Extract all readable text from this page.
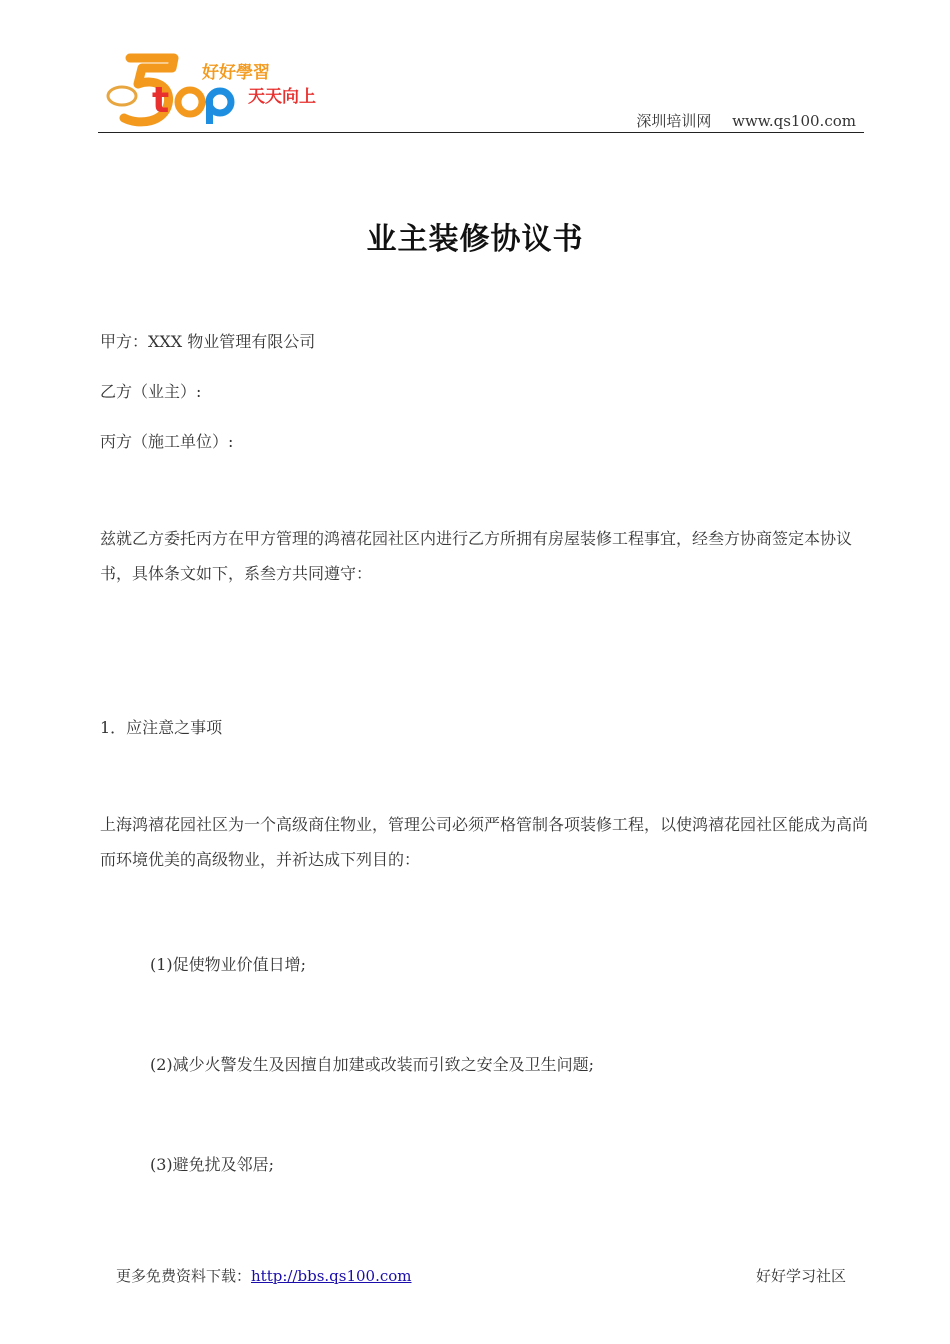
t
好好學習
天天向上
深圳培训网 www.qs100.com
业主装修协议书
甲方：XXX 物业管理有限公司
乙方（业主）:
丙方（施工单位）:
兹就乙方委托丙方在甲方管理的鸿禧花园社区内进行乙方所拥有房屋装修工程事宜，经叁方协商签定本协议书，具体条文如下，系叁方共同遵守：
1．应注意之事项
上海鸿禧花园社区为一个高级商住物业，管理公司必须严格管制各项装修工程，以使鸿禧花园社区能成为高尚而环境优美的高级物业，并祈达成下列目的：
(1)促使物业价值日增;
(2)减少火警发生及因擅自加建或改装而引致之安全及卫生问题;
(3)避免扰及邻居;
更多免费资料下载：http://bbs.qs100.com	好好学习社区
